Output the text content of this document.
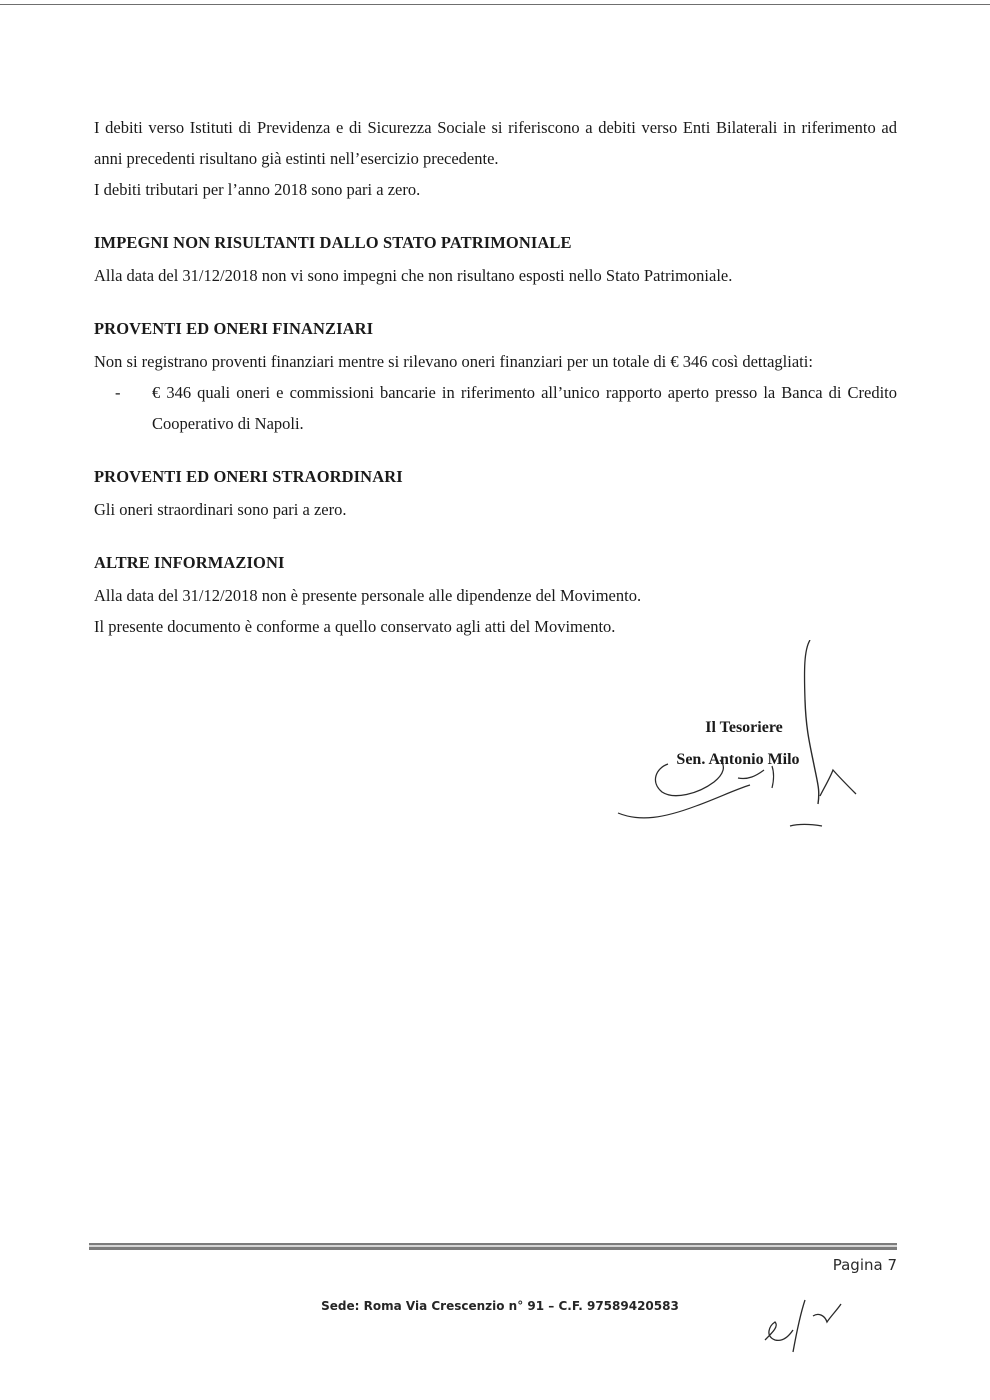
I debiti verso Istituti di Previdenza e di Sicurezza Sociale si riferiscono a debiti verso Enti Bilaterali in riferimento ad anni precedenti risultano già estinti nell’esercizio precedente.

I debiti tributari per l’anno 2018 sono pari a zero.

IMPEGNI NON RISULTANTI DALLO STATO PATRIMONIALE

Alla data del 31/12/2018 non vi sono impegni che non risultano esposti nello Stato Patrimoniale.

PROVENTI ED ONERI FINANZIARI

Non si registrano proventi finanziari mentre si rilevano oneri finanziari per un totale di € 346 così dettagliati:

-	€ 346 quali oneri e commissioni bancarie in riferimento all’unico rapporto aperto presso la Banca di Credito Cooperativo di Napoli.
PROVENTI ED ONERI STRAORDINARI

Gli oneri straordinari sono pari a zero.

ALTRE INFORMAZIONI

Alla data del 31/12/2018 non è presente personale alle dipendenze del Movimento.

Il presente documento è conforme a quello conservato agli atti del Movimento.

Il Tesoriere
Sen. Antonio Milo
Pagina 7
Sede: Roma Via Crescenzio n° 91 – C.F. 97589420583
